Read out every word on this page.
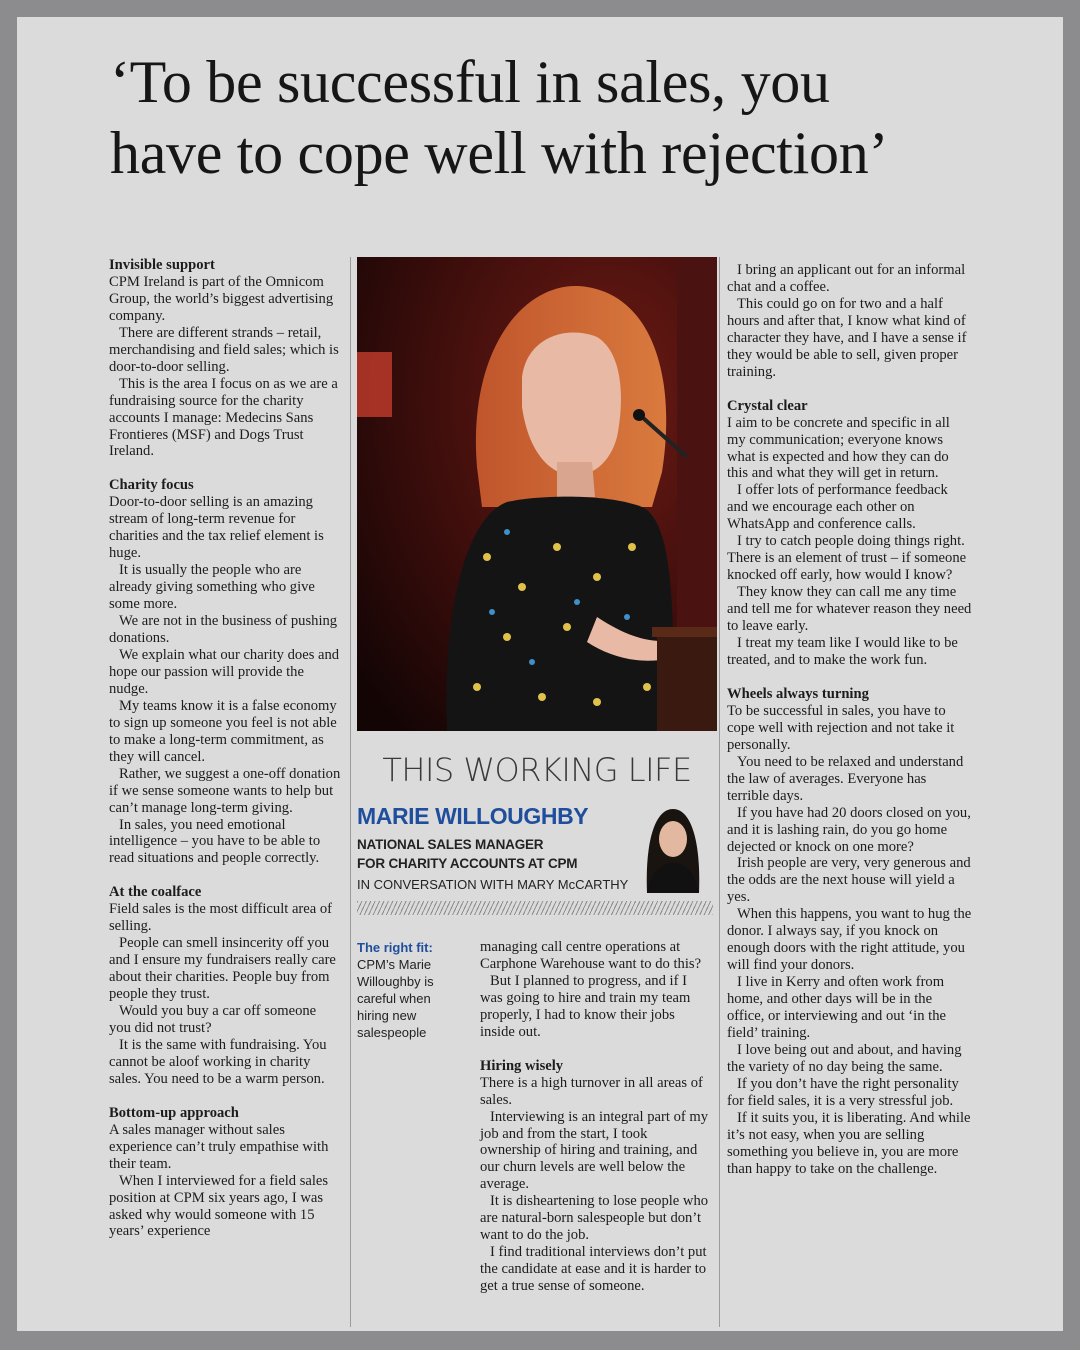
‘To be successful in sales, you
have to cope well with rejection’
Invisible support

CPM Ireland is part of the Omnicom Group, the world’s biggest advertising company.

There are different strands – retail, merchandising and field sales; which is door-to-door selling.

This is the area I focus on as we are a fundraising source for the charity accounts I manage: Medecins Sans Frontieres (MSF) and Dogs Trust Ireland.

Charity focus

Door-to-door selling is an amazing stream of long-term revenue for charities and the tax relief element is huge.

It is usually the people who are already giving something who give some more.

We are not in the business of pushing donations.

We explain what our charity does and hope our passion will provide the nudge.

My teams know it is a false economy to sign up someone you feel is not able to make a long-term commitment, as they will cancel.

Rather, we suggest a one-off donation if we sense someone wants to help but can’t manage long-term giving.

In sales, you need emotional intelligence – you have to be able to read situations and people correctly.

At the coalface

Field sales is the most difficult area of selling.

People can smell insincerity off you and I ensure my fundraisers really care about their charities. People buy from people they trust.

Would you buy a car off someone you did not trust?

It is the same with fundraising. You cannot be aloof working in charity sales. You need to be a warm person.

Bottom-up approach

A sales manager without sales experience can’t truly empathise with their team.

When I interviewed for a field sales position at CPM six years ago, I was asked why would someone with 15 years’ experience

THIS WORKING LIFE
MARIE WILLOUGHBY
NATIONAL SALES MANAGER
FOR CHARITY ACCOUNTS AT CPM
IN CONVERSATION WITH MARY McCARTHY
The right fit:
CPM’s Marie Willoughby is careful when hiring new salespeople

managing call centre operations at Carphone Warehouse want to do this?

But I planned to progress, and if I was going to hire and train my team properly, I had to know their jobs inside out.

Hiring wisely

There is a high turnover in all areas of sales.

Interviewing is an integral part of my job and from the start, I took ownership of hiring and training, and our churn levels are well below the average.

It is disheartening to lose people who are natural-born salespeople but don’t want to do the job.

I find traditional interviews don’t put the candidate at ease and it is harder to get a true sense of someone.

I bring an applicant out for an informal chat and a coffee.

This could go on for two and a half hours and after that, I know what kind of character they have, and I have a sense if they would be able to sell, given proper training.

Crystal clear

I aim to be concrete and specific in all my communication; everyone knows what is expected and how they can do this and what they will get in return.

I offer lots of performance feedback and we encourage each other on WhatsApp and conference calls.

I try to catch people doing things right. There is an element of trust – if someone knocked off early, how would I know?

They know they can call me any time and tell me for whatever reason they need to leave early.

I treat my team like I would like to be treated, and to make the work fun.

Wheels always turning

To be successful in sales, you have to cope well with rejection and not take it personally.

You need to be relaxed and understand the law of averages. Everyone has terrible days.

If you have had 20 doors closed on you, and it is lashing rain, do you go home dejected or knock on one more?

Irish people are very, very generous and the odds are the next house will yield a yes.

When this happens, you want to hug the donor. I always say, if you knock on enough doors with the right attitude, you will find your donors.

I live in Kerry and often work from home, and other days will be in the office, or interviewing and out ‘in the field’ training.

I love being out and about, and having the variety of no day being the same.

If you don’t have the right personality for field sales, it is a very stressful job.

If it suits you, it is liberating. And while it’s not easy, when you are selling something you believe in, you are more than happy to take on the challenge.
